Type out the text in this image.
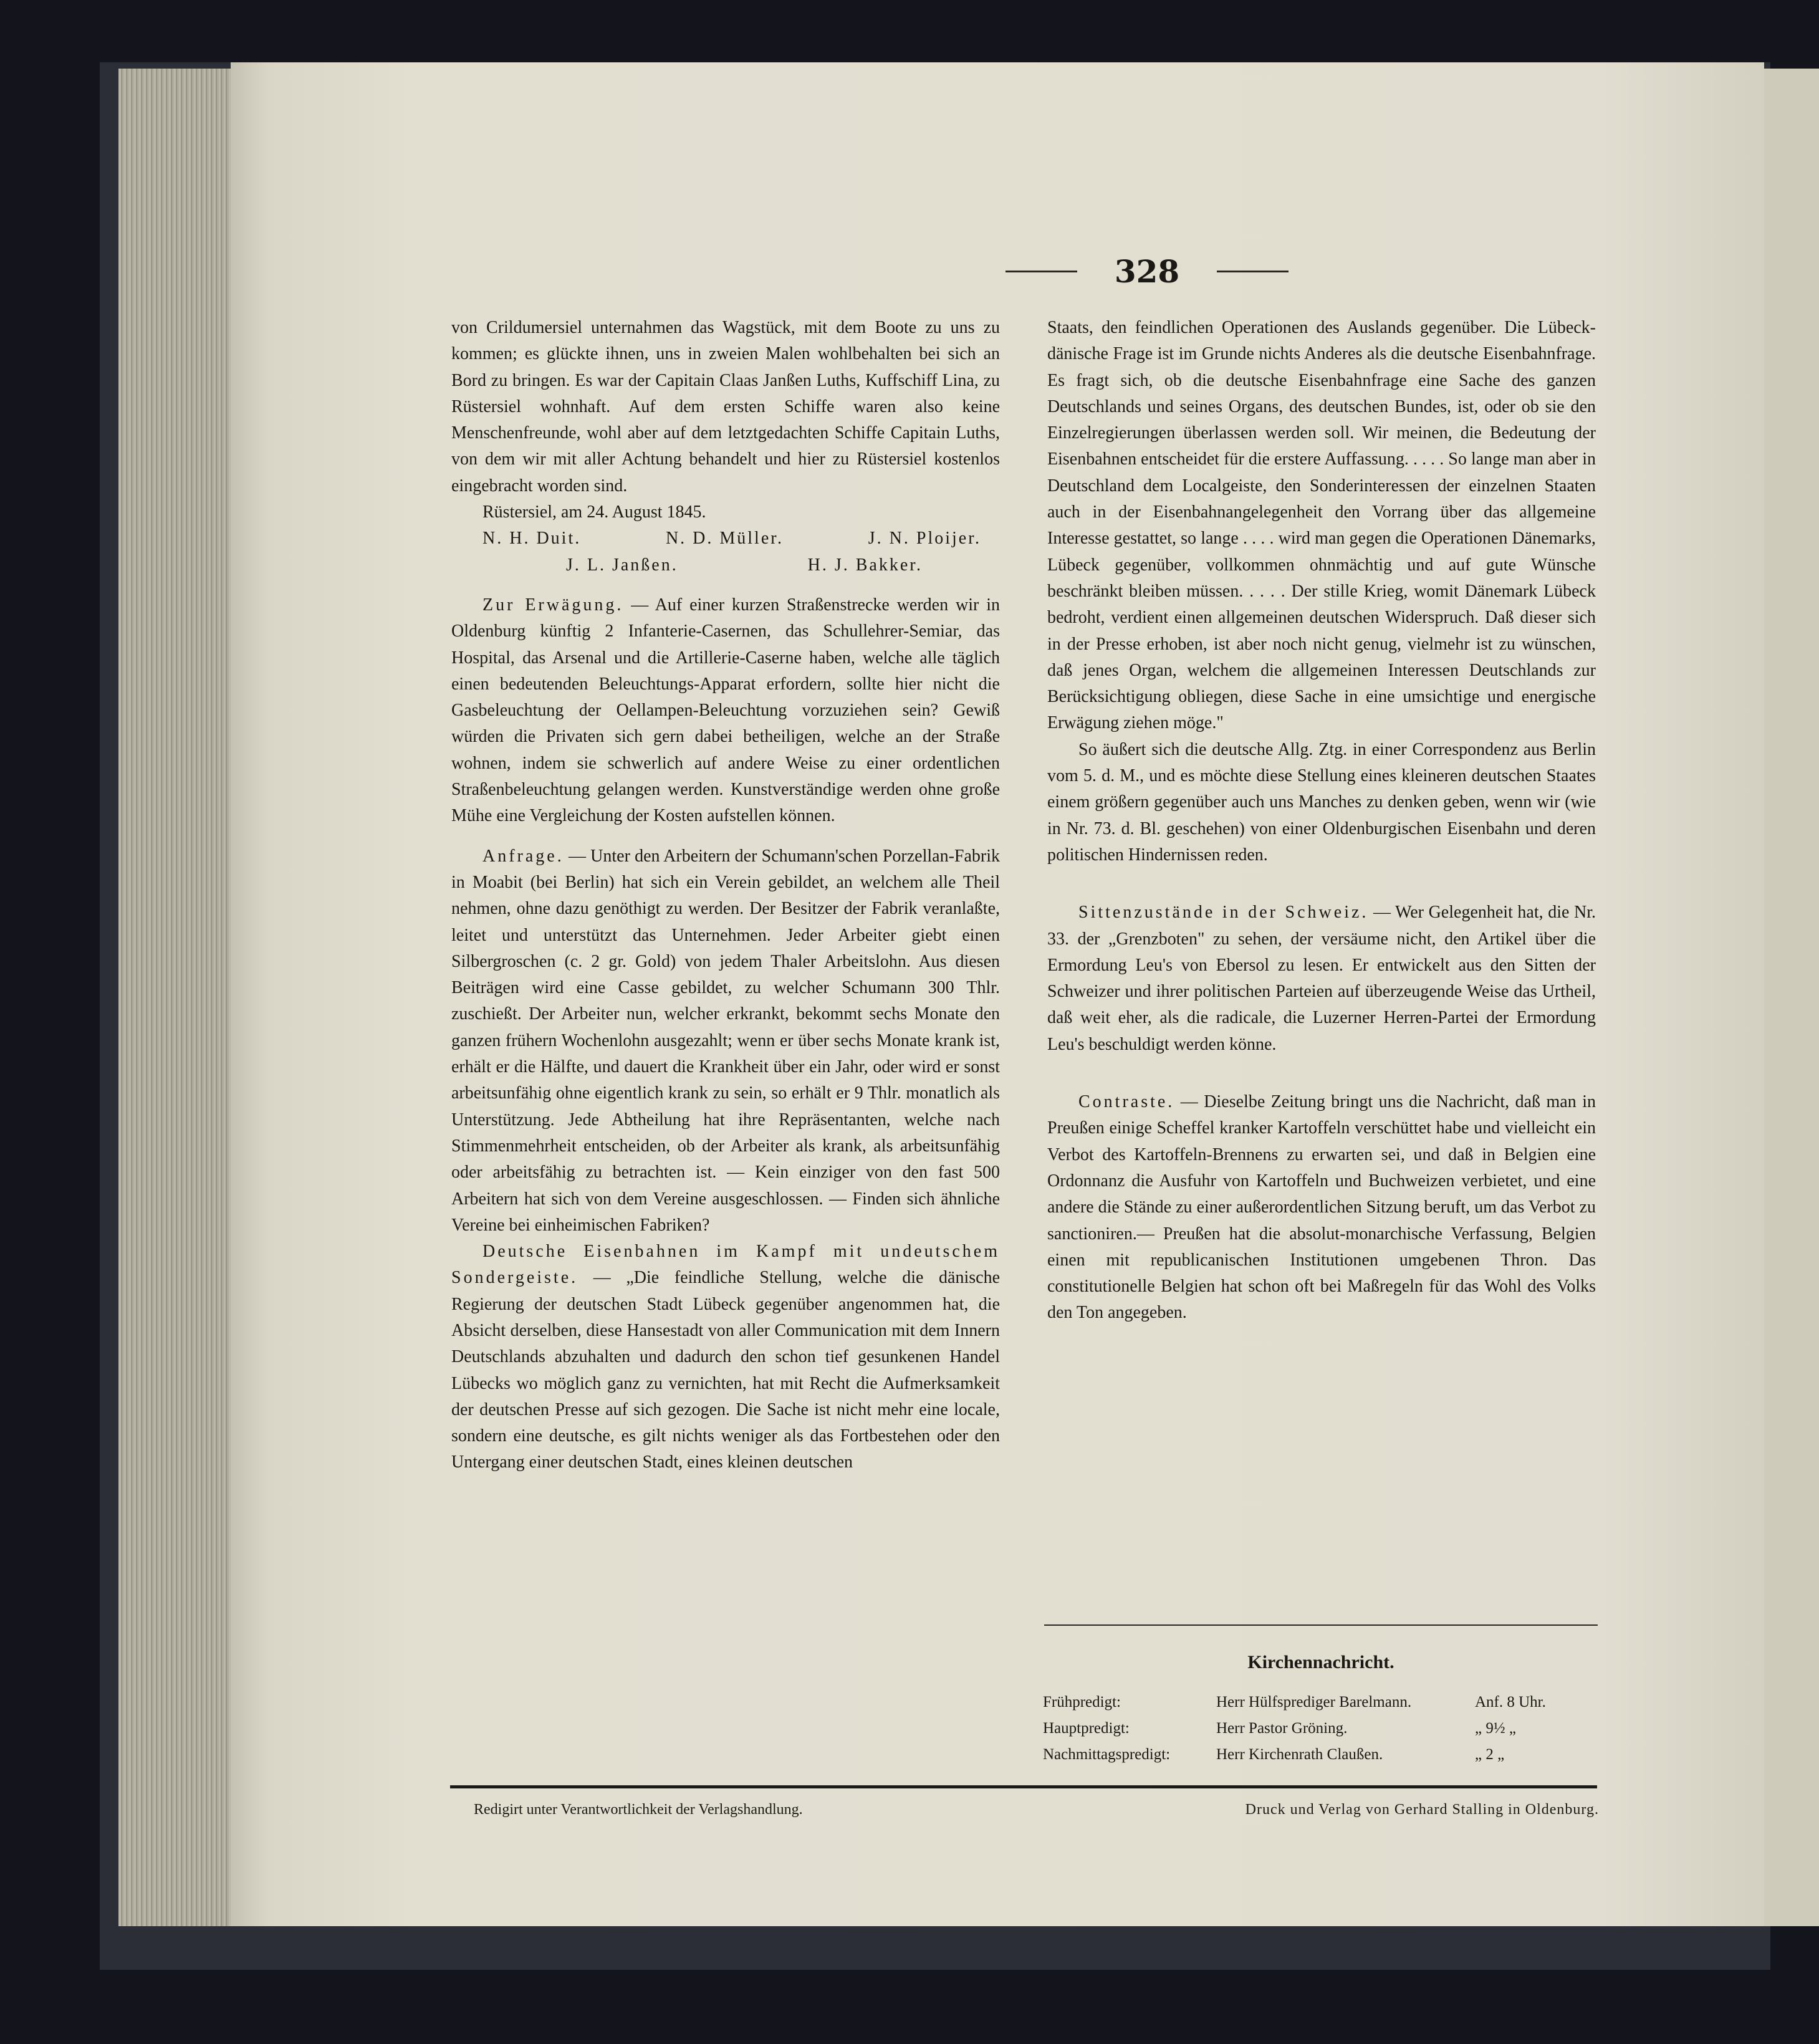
328

von Crildumersiel unternahmen das Wagstück, mit dem Boote zu uns zu kommen; es glückte ihnen, uns in zweien Malen wohlbehalten bei sich an Bord zu bringen. Es war der Capitain Claas Janßen Luths, Kuffschiff Lina, zu Rüstersiel wohnhaft. Auf dem ersten Schiffe waren also keine Menschenfreunde, wohl aber auf dem letztgedachten Schiffe Capitain Luths, von dem wir mit aller Achtung behandelt und hier zu Rüstersiel kostenlos eingebracht worden sind.

Rüstersiel, am 24. August 1845.
N. H. Duit.	N. D. Müller.	J. N. Ploijer.
J. L. Janßen.	H. J. Bakker.

Zur Erwägung. — Auf einer kurzen Straßenstrecke werden wir in Oldenburg künftig 2 Infanterie-Casernen, das Schullehrer-Semiar, das Hospital, das Arsenal und die Artillerie-Caserne haben, welche alle täglich einen bedeutenden Beleuchtungs-Apparat erfordern, sollte hier nicht die Gasbeleuchtung der Oellampen-Beleuchtung vorzuziehen sein? Gewiß würden die Privaten sich gern dabei betheiligen, welche an der Straße wohnen, indem sie schwerlich auf andere Weise zu einer ordentlichen Straßenbeleuchtung gelangen werden. Kunstverständige werden ohne große Mühe eine Vergleichung der Kosten aufstellen können.

Anfrage. — Unter den Arbeitern der Schumann'schen Porzellan-Fabrik in Moabit (bei Berlin) hat sich ein Verein gebildet, an welchem alle Theil nehmen, ohne dazu genöthigt zu werden. Der Besitzer der Fabrik veranlaßte, leitet und unterstützt das Unternehmen. Jeder Arbeiter giebt einen Silbergroschen (c. 2 gr. Gold) von jedem Thaler Arbeitslohn. Aus diesen Beiträgen wird eine Casse gebildet, zu welcher Schumann 300 Thlr. zuschießt. Der Arbeiter nun, welcher erkrankt, bekommt sechs Monate den ganzen frühern Wochenlohn ausgezahlt; wenn er über sechs Monate krank ist, erhält er die Hälfte, und dauert die Krankheit über ein Jahr, oder wird er sonst arbeitsunfähig ohne eigentlich krank zu sein, so erhält er 9 Thlr. monatlich als Unterstützung. Jede Abtheilung hat ihre Repräsentanten, welche nach Stimmenmehrheit entscheiden, ob der Arbeiter als krank, als arbeitsunfähig oder arbeitsfähig zu betrachten ist. — Kein einziger von den fast 500 Arbeitern hat sich von dem Vereine ausgeschlossen. — Finden sich ähnliche Vereine bei einheimischen Fabriken?

Deutsche Eisenbahnen im Kampf mit undeutschem Sondergeiste. — „Die feindliche Stellung, welche die dänische Regierung der deutschen Stadt Lübeck gegenüber angenommen hat, die Absicht derselben, diese Hansestadt von aller Communication mit dem Innern Deutschlands abzuhalten und dadurch den schon tief gesunkenen Handel Lübecks wo möglich ganz zu vernichten, hat mit Recht die Aufmerksamkeit der deutschen Presse auf sich gezogen. Die Sache ist nicht mehr eine locale, sondern eine deutsche, es gilt nichts weniger als das Fortbestehen oder den Untergang einer deutschen Stadt, eines kleinen deutschen

Staats, den feindlichen Operationen des Auslands gegenüber. Die Lübeck-dänische Frage ist im Grunde nichts Anderes als die deutsche Eisenbahnfrage. Es fragt sich, ob die deutsche Eisenbahnfrage eine Sache des ganzen Deutschlands und seines Organs, des deutschen Bundes, ist, oder ob sie den Einzelregierungen überlassen werden soll. Wir meinen, die Bedeutung der Eisenbahnen entscheidet für die erstere Auffassung. . . . . So lange man aber in Deutschland dem Localgeiste, den Sonderinteressen der einzelnen Staaten auch in der Eisenbahnangelegenheit den Vorrang über das allgemeine Interesse gestattet, so lange . . . . wird man gegen die Operationen Dänemarks, Lübeck gegenüber, vollkommen ohnmächtig und auf gute Wünsche beschränkt bleiben müssen. . . . . Der stille Krieg, womit Dänemark Lübeck bedroht, verdient einen allgemeinen deutschen Widerspruch. Daß dieser sich in der Presse erhoben, ist aber noch nicht genug, vielmehr ist zu wünschen, daß jenes Organ, welchem die allgemeinen Interessen Deutschlands zur Berücksichtigung obliegen, diese Sache in eine umsichtige und energische Erwägung ziehen möge."

So äußert sich die deutsche Allg. Ztg. in einer Correspondenz aus Berlin vom 5. d. M., und es möchte diese Stellung eines kleineren deutschen Staates einem größern gegenüber auch uns Manches zu denken geben, wenn wir (wie in Nr. 73. d. Bl. geschehen) von einer Oldenburgischen Eisenbahn und deren politischen Hindernissen reden.

Sittenzustände in der Schweiz. — Wer Gelegenheit hat, die Nr. 33. der „Grenzboten" zu sehen, der versäume nicht, den Artikel über die Ermordung Leu's von Ebersol zu lesen. Er entwickelt aus den Sitten der Schweizer und ihrer politischen Parteien auf überzeugende Weise das Urtheil, daß weit eher, als die radicale, die Luzerner Herren-Partei der Ermordung Leu's beschuldigt werden könne.

Contraste. — Dieselbe Zeitung bringt uns die Nachricht, daß man in Preußen einige Scheffel kranker Kartoffeln verschüttet habe und vielleicht ein Verbot des Kartoffeln-Brennens zu erwarten sei, und daß in Belgien eine Ordonnanz die Ausfuhr von Kartoffeln und Buchweizen verbietet, und eine andere die Stände zu einer außerordentlichen Sitzung beruft, um das Verbot zu sanctioniren.— Preußen hat die absolut-monarchische Verfassung, Belgien einen mit republicanischen Institutionen umgebenen Thron. Das constitutionelle Belgien hat schon oft bei Maßregeln für das Wohl des Volks den Ton angegeben.

Kirchennachricht.
Frühpredigt:	Herr Hülfsprediger Barelmann.	Anf. 8 Uhr.
Hauptpredigt:	Herr Pastor Gröning.	„ 9½ „
Nachmittagspredigt:	Herr Kirchenrath Claußen.	„ 2 „
Redigirt unter Verantwortlichkeit der Verlagshandlung.	Druck und Verlag von Gerhard Stalling in Oldenburg.
